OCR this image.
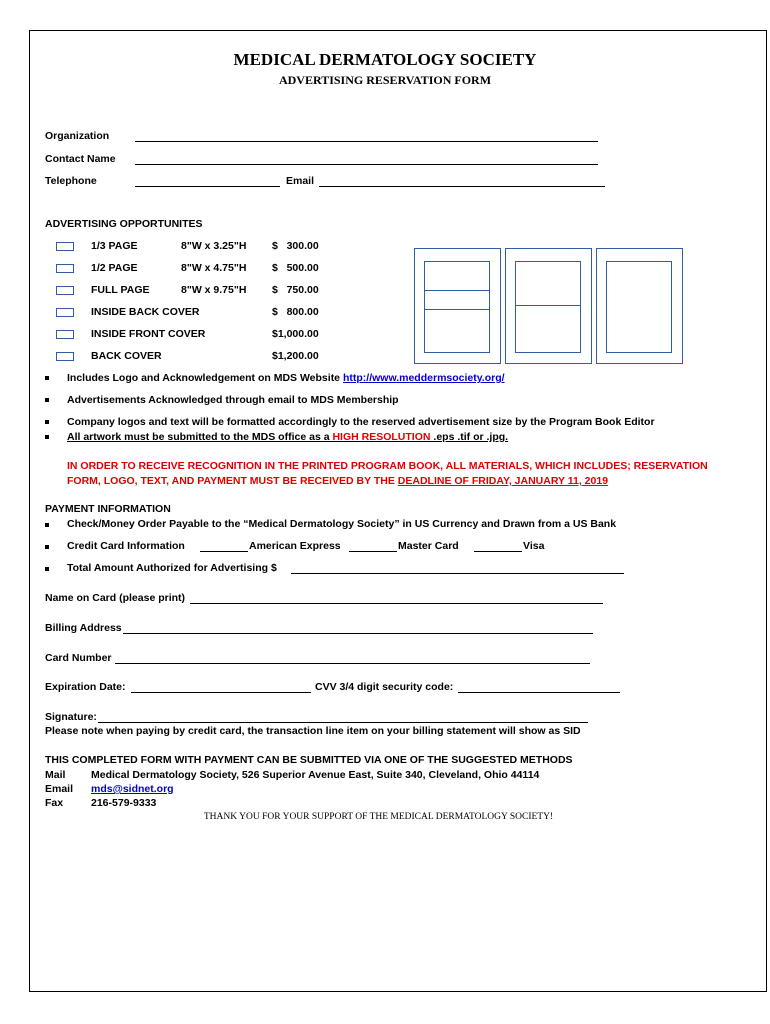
MEDICAL DERMATOLOGY SOCIETY
ADVERTISING RESERVATION FORM
Organization
Contact Name
Telephone	Email
ADVERTISING OPPORTUNITES
1/3 PAGE	8"W x 3.25"H $   300.00
1/2 PAGE	8"W x 4.75"H $   500.00
FULL PAGE	8"W x 9.75"H $   750.00
INSIDE BACK COVER	$   800.00
INSIDE FRONT COVER	$1,000.00
BACK COVER	$1,200.00
Includes Logo and Acknowledgement on MDS Website http://www.meddermsociety.org/
Advertisements Acknowledged through email to MDS Membership
Company logos and text will be formatted accordingly to the reserved advertisement size by the Program Book Editor
All artwork must be submitted to the MDS office as a HIGH RESOLUTION .eps .tif or .jpg.
IN ORDER TO RECEIVE RECOGNITION IN THE PRINTED PROGRAM BOOK, ALL MATERIALS, WHICH INCLUDES; RESERVATION
FORM, LOGO, TEXT, AND PAYMENT MUST BE RECEIVED BY THE DEADLINE OF FRIDAY, JANUARY 11, 2019
PAYMENT INFORMATION
Check/Money Order Payable to the “Medical Dermatology Society” in US Currency and Drawn from a US Bank
Credit Card Information	American Express	Master Card	Visa
Total Amount Authorized for Advertising $
Name on Card (please print)
Billing Address
Card Number
Expiration Date:	CVV 3/4 digit security code:
Signature:
Please note when paying by credit card, the transaction line item on your billing statement will show as SID
THIS COMPLETED FORM WITH PAYMENT CAN BE SUBMITTED VIA ONE OF THE SUGGESTED METHODS
Mail Medical Dermatology Society, 526 Superior Avenue East, Suite 340, Cleveland, Ohio 44114
Email mds@sidnet.org
Fax	216-579-9333
THANK YOU FOR YOUR SUPPORT OF THE MEDICAL DERMATOLOGY SOCIETY!
